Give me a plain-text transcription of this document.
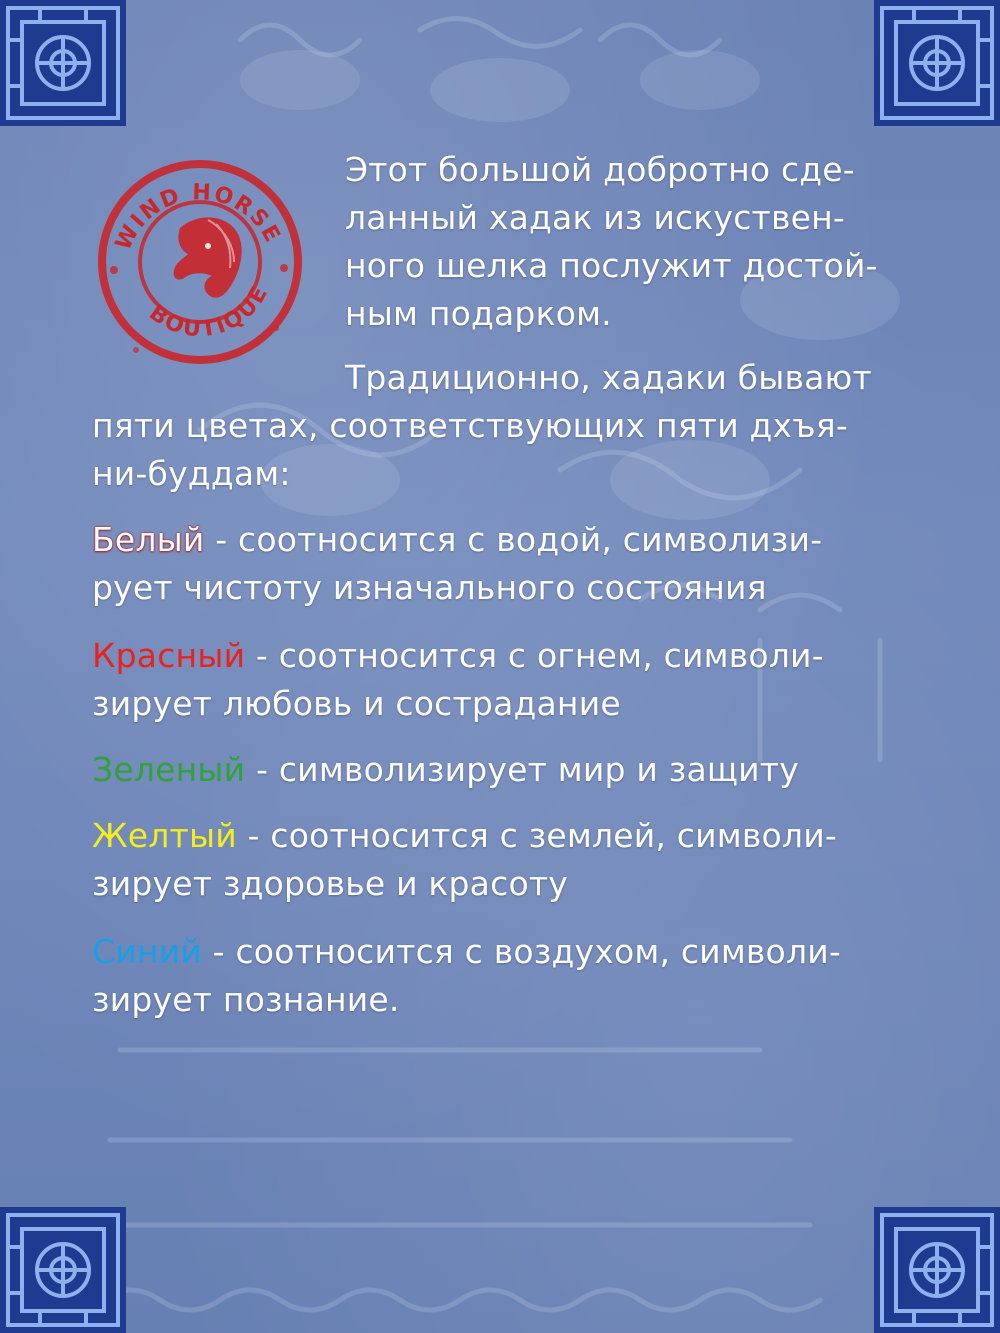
WIND HORSE
BOUTIQUE
Этот большой добротно сде-
ланный хадак из искуствен-
ного шелка послужит достой-
ным подарком.
Традиционно, хадаки бывают
пяти цветах, соответствующих пяти дхъя-
ни-буддам:
Белый - соотносится с водой, символизи-
рует чистоту изначального состояния
Красный - соотносится с огнем, символи-
зирует любовь и сострадание
Зеленый - символизирует мир и защиту
Желтый - соотносится с землей, символи-
зирует здоровье и красоту
Синий - соотносится с воздухом, символи-
зирует познание.
